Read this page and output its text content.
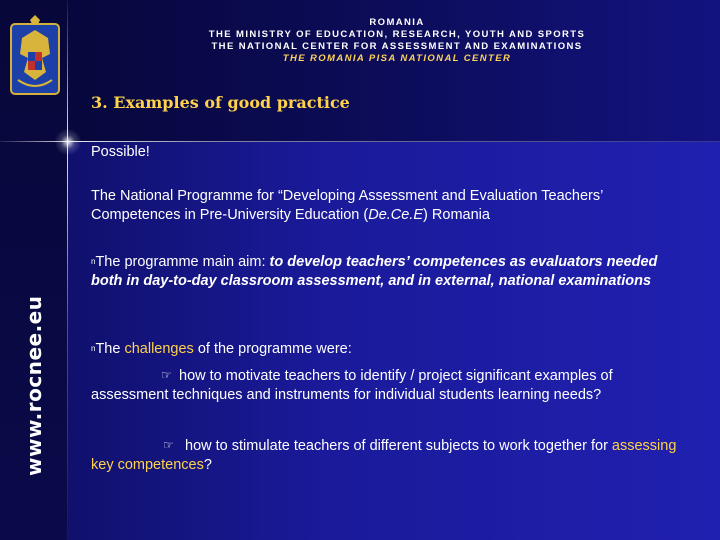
ROMANIA
THE MINISTRY OF EDUCATION, RESEARCH, YOUTH AND SPORTS
THE NATIONAL CENTER FOR ASSESSMENT AND EXAMINATIONS
THE ROMANIA PISA NATIONAL CENTER
3. Examples of good practice
www.rocnee.eu
Possible!
The National Programme for “Developing Assessment and Evaluation Teachers’ Competences in Pre-University Education (De.Ce.E) Romania
nThe programme main aim: to develop teachers’ competences as evaluators needed both in day-to-day classroom assessment, and in external, national examinations
nThe challenges of the programme were:
☞ how to motivate teachers to identify / project significant examples of assessment techniques and instruments for individual students learning needs?
☞ how to stimulate teachers of different subjects to work together for assessing key competences?
